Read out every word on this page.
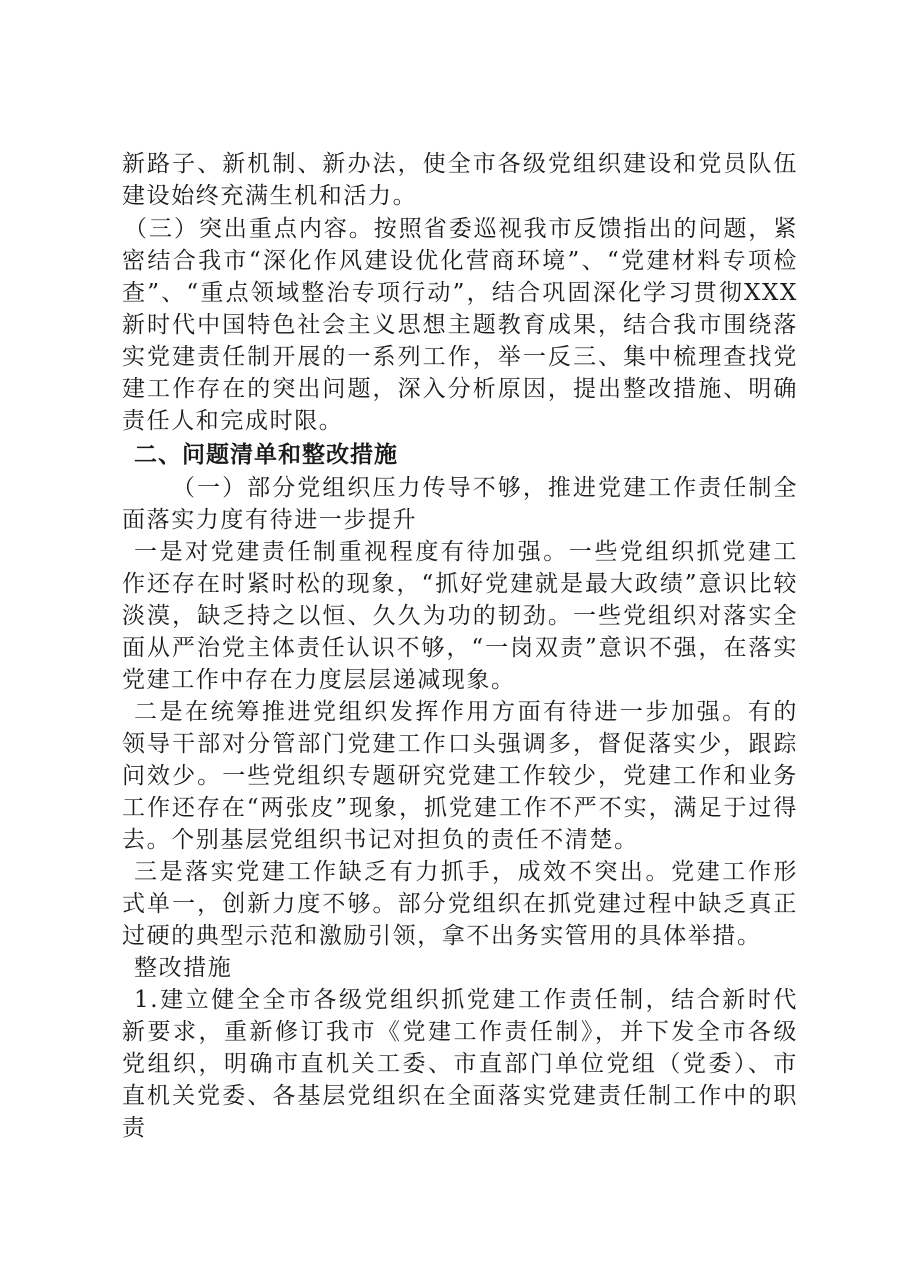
新路子、新机制、新办法，使全市各级党组织建设和党员队伍建设始终充满生机和活力。

（三）突出重点内容。按照省委巡视我市反馈指出的问题，紧密结合我市“深化作风建设优化营商环境”、“党建材料专项检查”、“重点领域整治专项行动”，结合巩固深化学习贯彻XXX新时代中国特色社会主义思想主题教育成果，结合我市围绕落实党建责任制开展的一系列工作，举一反三、集中梳理查找党建工作存在的突出问题，深入分析原因，提出整改措施、明确责任人和完成时限。

二、问题清单和整改措施

（一）部分党组织压力传导不够，推进党建工作责任制全面落实力度有待进一步提升

一是对党建责任制重视程度有待加强。一些党组织抓党建工作还存在时紧时松的现象，“抓好党建就是最大政绩”意识比较淡漠，缺乏持之以恒、久久为功的韧劲。一些党组织对落实全面从严治党主体责任认识不够，“一岗双责”意识不强，在落实党建工作中存在力度层层递减现象。

二是在统筹推进党组织发挥作用方面有待进一步加强。有的领导干部对分管部门党建工作口头强调多，督促落实少，跟踪问效少。一些党组织专题研究党建工作较少，党建工作和业务工作还存在“两张皮”现象，抓党建工作不严不实，满足于过得去。个别基层党组织书记对担负的责任不清楚。

三是落实党建工作缺乏有力抓手，成效不突出。党建工作形式单一，创新力度不够。部分党组织在抓党建过程中缺乏真正过硬的典型示范和激励引领，拿不出务实管用的具体举措。

整改措施

1.建立健全全市各级党组织抓党建工作责任制，结合新时代新要求，重新修订我市《党建工作责任制》，并下发全市各级党组织，明确市直机关工委、市直部门单位党组（党委）、市直机关党委、各基层党组织在全面落实党建责任制工作中的职责
